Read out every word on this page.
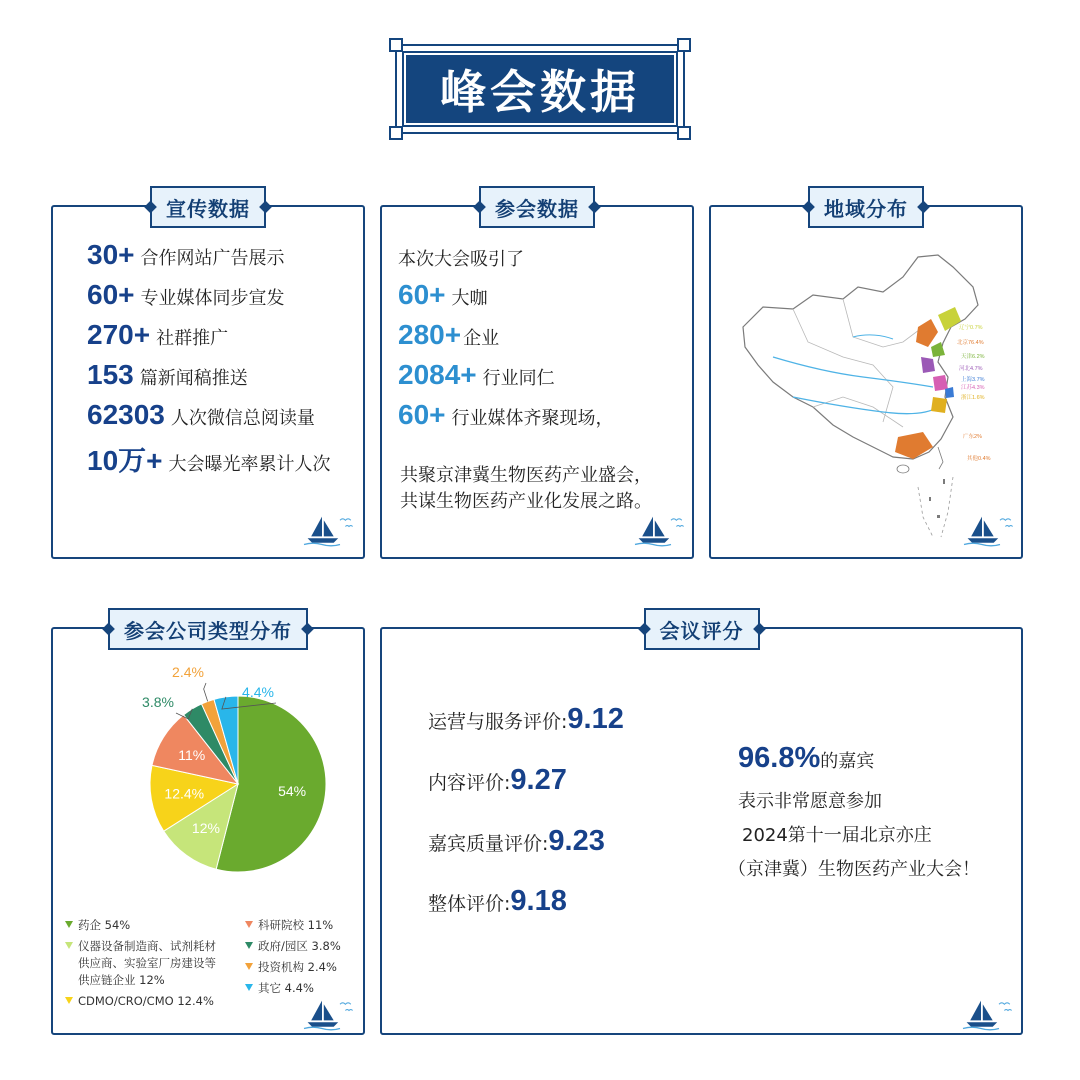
峰会数据
宣传数据
30+ 合作网站广告展示
60+ 专业媒体同步宣发
270+ 社群推广
153 篇新闻稿推送
62303 人次微信总阅读量
10万+ 大会曝光率累计人次
参会数据
本次大会吸引了
60+ 大咖
280+ 企业
2084+ 行业同仁
60+ 行业媒体齐聚现场，
共聚京津冀生物医药产业盛会，
共谋生物医药产业化发展之路。
地域分布
辽宁0.7%
北京76.4%
天津6.2%
河北4.7%
上海3.7%
江苏4.3%
浙江1.6%
广东2%
其他0.4%
参会公司类型分布
54%
12%
12.4%
11%
3.8%
2.4%
4.4%
药企 54%
仪器设备制造商、试剂耗材
供应商、实验室厂房建设等
供应链企业 12%
CDMO/CRO/CMO 12.4%
科研院校 11%
政府/园区 3.8%
投资机构 2.4%
其它 4.4%
会议评分
运营与服务评价: 9.12
内容评价: 9.27
嘉宾质量评价: 9.23
整体评价: 9.18
96.8% 的嘉宾
表示非常愿意参加
2024第十一届北京亦庄
（京津冀）生物医药产业大会！
